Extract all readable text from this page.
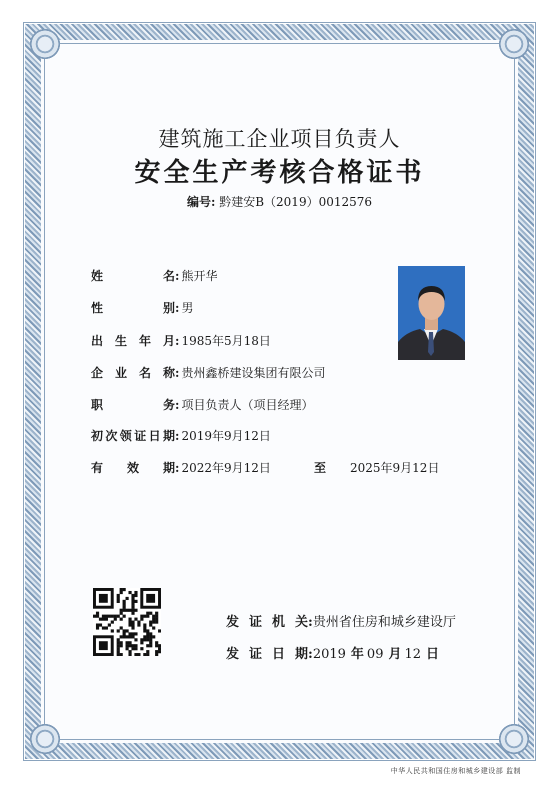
建筑施工企业项目负责人
安全生产考核合格证书
编号: 黔建安B（2019）0012576
姓名: 熊开华
性别: 男
出生年月: 1985年5月18日
企业名称: 贵州鑫桥建设集团有限公司
职务: 项目负责人（项目经理）
初次领证日期: 2019年9月12日
有效期: 2022年9月12日	至 2025年9月12日
发证机关:贵州省住房和城乡建设厅
发证日期:2019 年 09 月 12 日
中华人民共和国住房和城乡建设部 监制
